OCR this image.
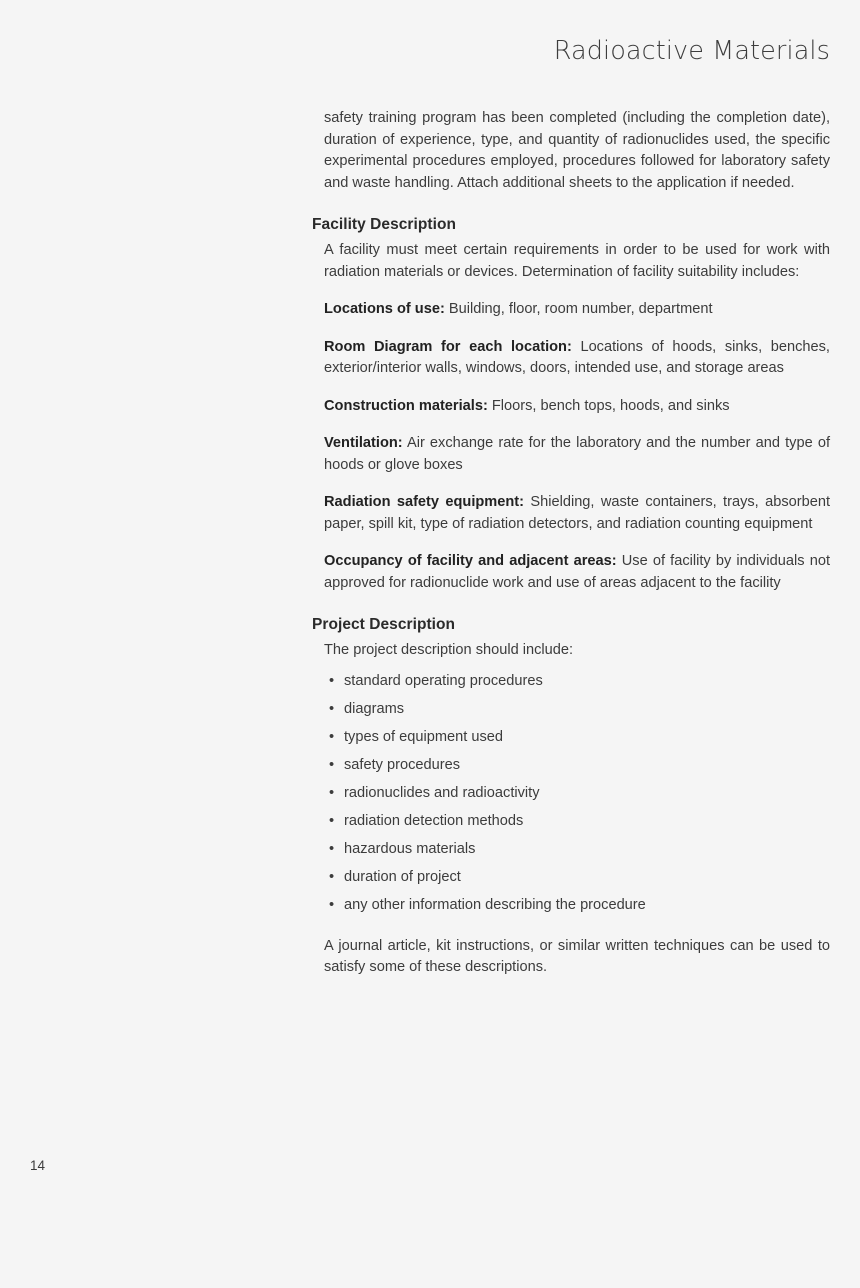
Radioactive Materials

safety training program has been completed (including the completion date), duration of experience, type, and quantity of radionuclides used, the specific experimental procedures employed, procedures followed for laboratory safety and waste handling. Attach additional sheets to the application if needed.

Facility Description

A facility must meet certain requirements in order to be used for work with radiation materials or devices. Determination of facility suitability includes:

Locations of use: Building, floor, room number, department

Room Diagram for each location: Locations of hoods, sinks, benches, exterior/interior walls, windows, doors, intended use, and storage areas

Construction materials: Floors, bench tops, hoods, and sinks

Ventilation: Air exchange rate for the laboratory and the number and type of hoods or glove boxes

Radiation safety equipment: Shielding, waste containers, trays, absorbent paper, spill kit, type of radiation detectors, and radiation counting equipment

Occupancy of facility and adjacent areas: Use of facility by individuals not approved for radionuclide work and use of areas adjacent to the facility

Project Description

The project description should include:

• standard operating procedures
• diagrams
• types of equipment used
• safety procedures
• radionuclides and radioactivity
• radiation detection methods
• hazardous materials
• duration of project
• any other information describing the procedure

A journal article, kit instructions, or similar written techniques can be used to satisfy some of these descriptions.

14
